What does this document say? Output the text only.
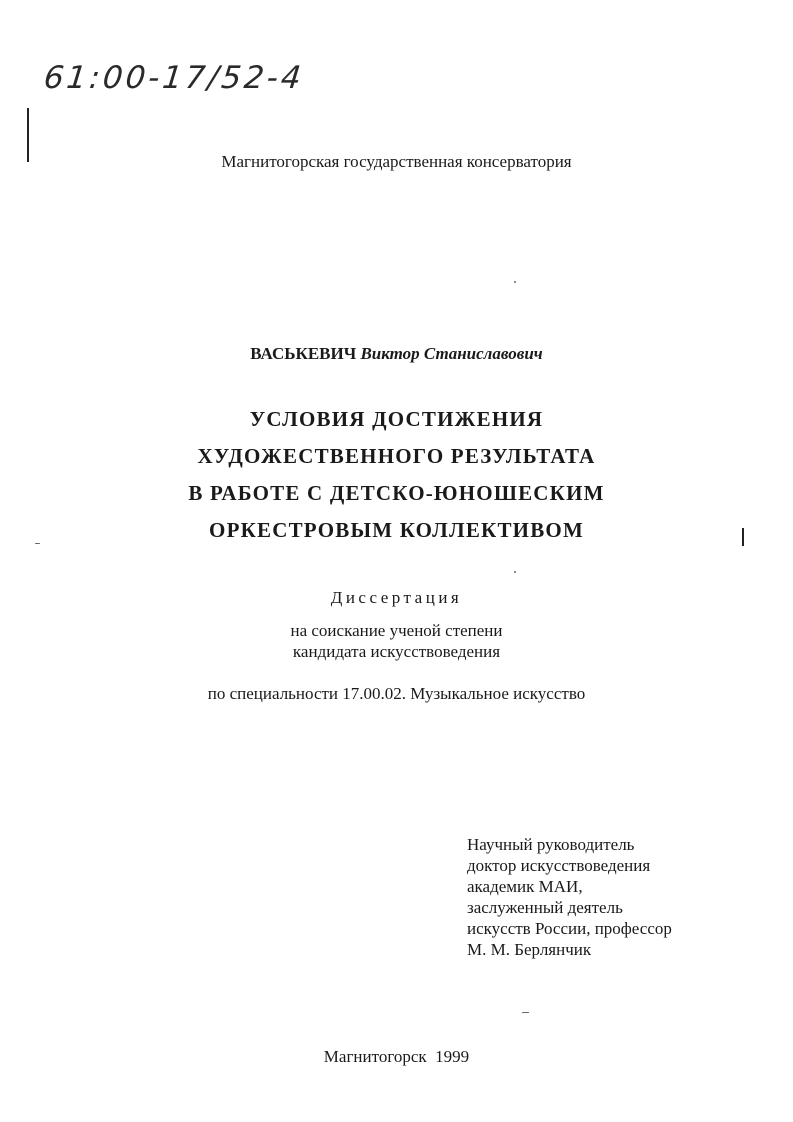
61:00-17/52-4
Магнитогорская государственная консерватория
ВАСЬКЕВИЧ Виктор Станиславович
УСЛОВИЯ ДОСТИЖЕНИЯ
ХУДОЖЕСТВЕННОГО РЕЗУЛЬТАТА
В РАБОТЕ С ДЕТСКО-ЮНОШЕСКИМ
ОРКЕСТРОВЫМ КОЛЛЕКТИВОМ
Диссертация
на соискание ученой степени
кандидата искусствоведения
по специальности 17.00.02. Музыкальное искусство
Научный руководитель
доктор искусствоведения
академик МАИ,
заслуженный деятель
искусств России, профессор
М. М. Берлянчик
Магнитогорск  1999
